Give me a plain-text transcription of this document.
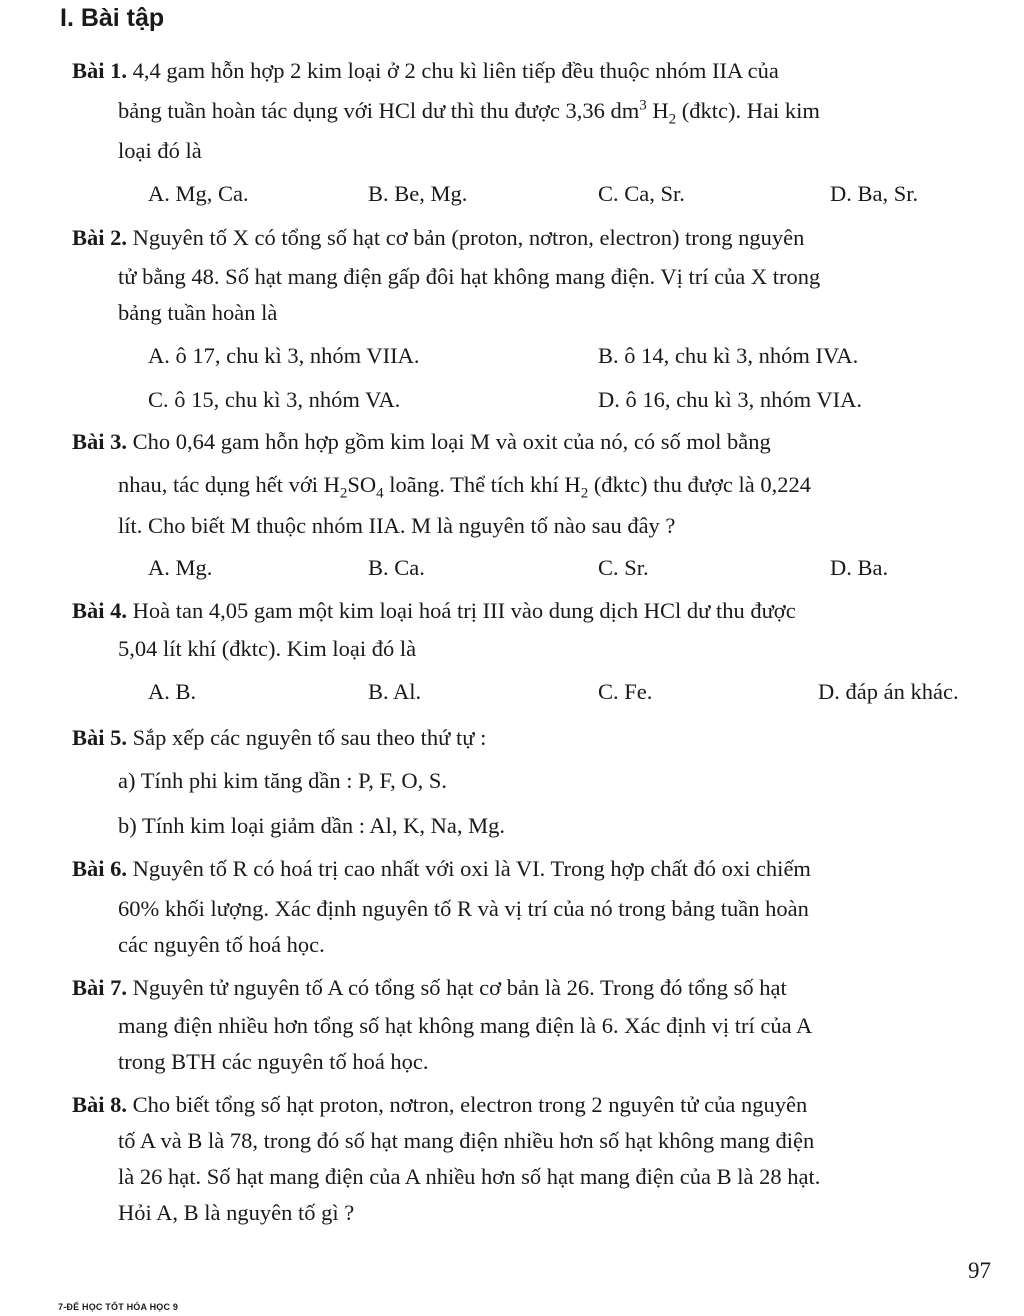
I. Bài tập
Bài 1. 4,4 gam hỗn hợp 2 kim loại ở 2 chu kì liên tiếp đều thuộc nhóm IIA của
bảng tuần hoàn tác dụng với HCl dư thì thu được 3,36 $dm^3$ $H_2$ (đktc). Hai kim
loại đó là
A. Mg, Ca.	B. Be, Mg.	C. Ca, Sr.	D. Ba, Sr.
Bài 2. Nguyên tố X có tổng số hạt cơ bản (proton, nơtron, electron) trong nguyên
tử bằng 48. Số hạt mang điện gấp đôi hạt không mang điện. Vị trí của X trong
bảng tuần hoàn là
A. ô 17, chu kì 3, nhóm VIIA.	B. ô 14, chu kì 3, nhóm IVA.
C. ô 15, chu kì 3, nhóm VA.	D. ô 16, chu kì 3, nhóm VIA.
Bài 3. Cho 0,64 gam hỗn hợp gồm kim loại M và oxit của nó, có số mol bằng
nhau, tác dụng hết với $H_2SO_4$ loãng. Thể tích khí $H_2$ (đktc) thu được là 0,224
lít. Cho biết M thuộc nhóm IIA. M là nguyên tố nào sau đây ?
A. Mg.	B. Ca.	C. Sr.	D. Ba.
Bài 4. Hoà tan 4,05 gam một kim loại hoá trị III vào dung dịch HCl dư thu được
5,04 lít khí (đktc). Kim loại đó là
A. B.	B. Al.	C. Fe.	D. đáp án khác.
Bài 5. Sắp xếp các nguyên tố sau theo thứ tự :
a) Tính phi kim tăng dần : P, F, O, S.
b) Tính kim loại giảm dần : Al, K, Na, Mg.
Bài 6. Nguyên tố R có hoá trị cao nhất với oxi là VI. Trong hợp chất đó oxi chiếm
60% khối lượng. Xác định nguyên tố R và vị trí của nó trong bảng tuần hoàn
các nguyên tố hoá học.
Bài 7. Nguyên tử nguyên tố A có tổng số hạt cơ bản là 26. Trong đó tổng số hạt
mang điện nhiều hơn tổng số hạt không mang điện là 6. Xác định vị trí của A
trong BTH các nguyên tố hoá học.
Bài 8. Cho biết tổng số hạt proton, nơtron, electron trong 2 nguyên tử của nguyên
tố A và B là 78, trong đó số hạt mang điện nhiều hơn số hạt không mang điện
là 26 hạt. Số hạt mang điện của A nhiều hơn số hạt mang điện của B là 28 hạt.
Hỏi A, B là nguyên tố gì ?
97
7-ĐỂ HỌC TỐT HÓA HỌC 9
